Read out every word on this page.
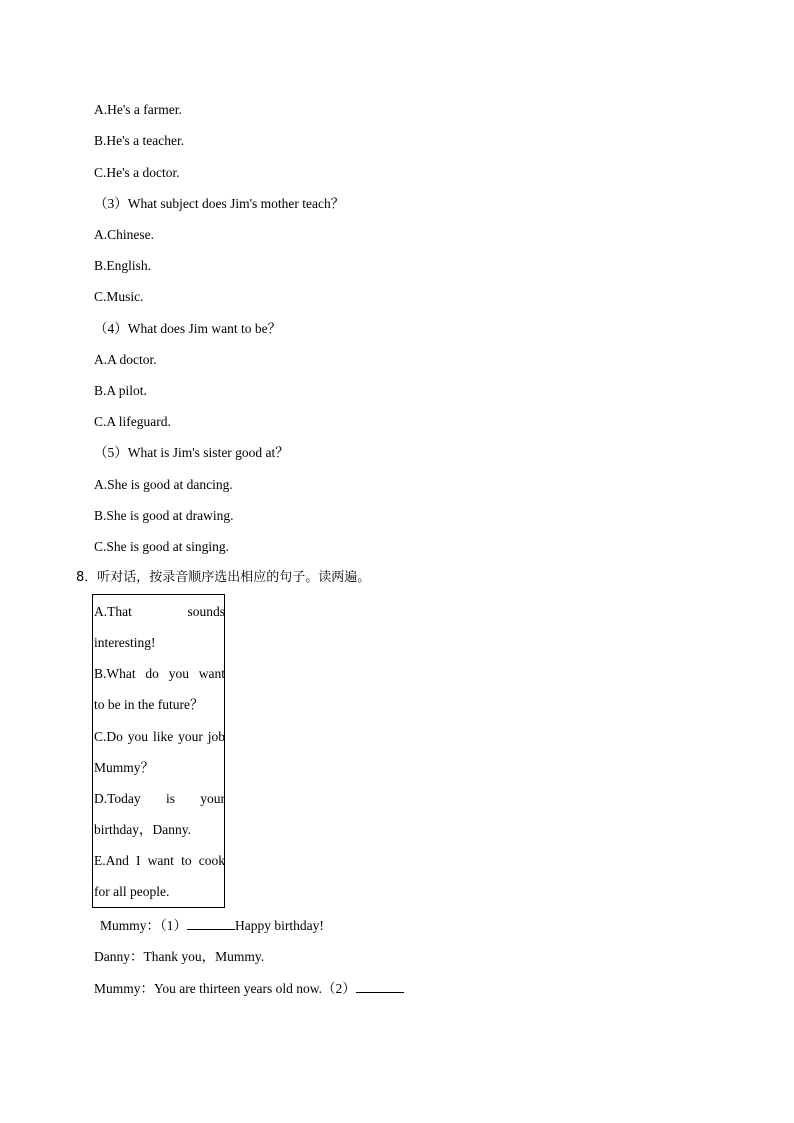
A.He's a farmer.
B.He's a teacher.
C.He's a doctor.
（3）What subject does Jim's mother teach？
A.Chinese.
B.English.
C.Music.
（4）What does Jim want to be？
A.A doctor.
B.A pilot.
C.A lifeguard.
（5）What is Jim's sister good at？
A.She is good at dancing.
B.She is good at drawing.
C.She is good at singing.
8．听对话，按录音顺序选出相应的句子。读两遍。
A.That sounds
interesting!
B.What do you want
to be in the future？
C.Do you like your job
Mummy？
D.Today is your
birthday，Danny.
E.And I want to cook
for all people.
Mummy：（1）	Happy birthday!
Danny：Thank you，Mummy.
Mummy：You are thirteen years old now.（2）
